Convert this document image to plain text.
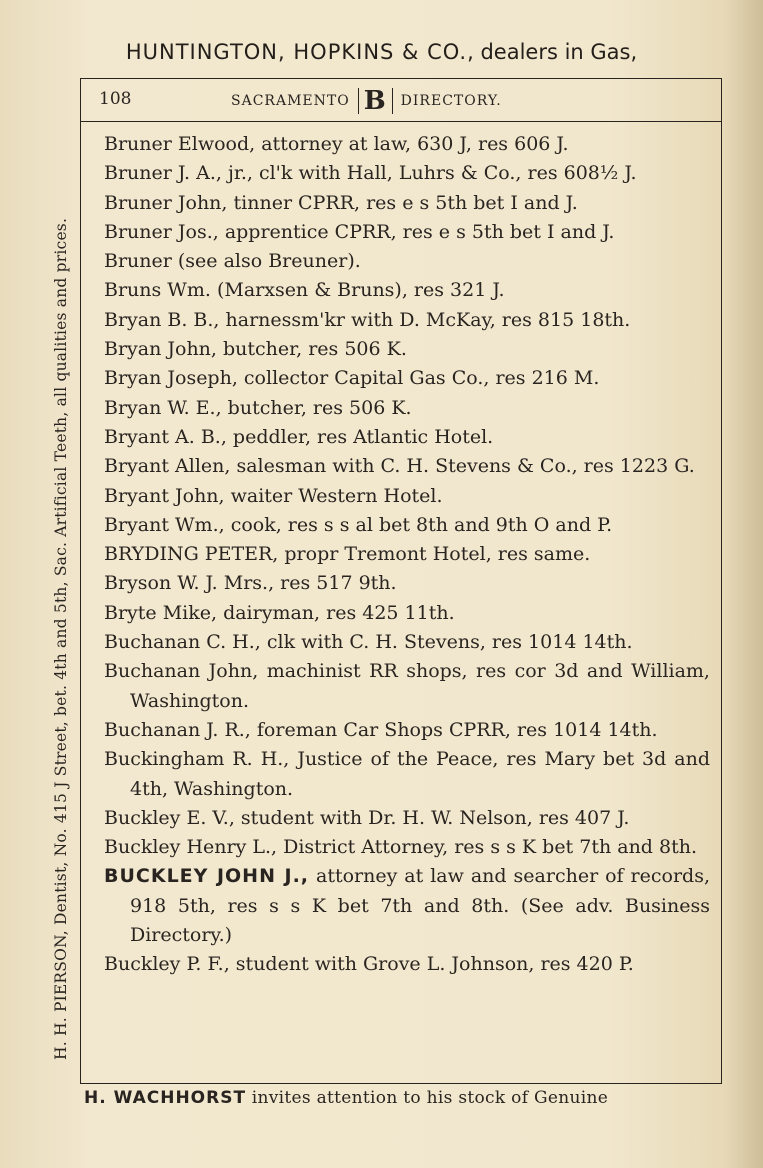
HUNTINGTON, HOPKINS & CO., dealers in Gas,
108	SACRAMENTO B	DIRECTORY.
H. H. PIERSON, Dentist, No. 415 J Street, bet. 4th and 5th, Sac. Artificial Teeth, all qualities and prices.
Bruner Elwood, attorney at law, 630 J, res 606 J.
Bruner J. A., jr., cl'k with Hall, Luhrs & Co., res 608½ J.
Bruner John, tinner CPRR, res e s 5th bet I and J.
Bruner Jos., apprentice CPRR, res e s 5th bet I and J.
Bruner (see also Breuner).
Bruns Wm. (Marxsen & Bruns), res 321 J.
Bryan B. B., harnessm'kr with D. McKay, res 815 18th.
Bryan John, butcher, res 506 K.
Bryan Joseph, collector Capital Gas Co., res 216 M.
Bryan W. E., butcher, res 506 K.
Bryant A. B., peddler, res Atlantic Hotel.
Bryant Allen, salesman with C. H. Stevens & Co., res 1223 G.
Bryant John, waiter Western Hotel.
Bryant Wm., cook, res s s al bet 8th and 9th O and P.
BRYDING PETER, propr Tremont Hotel, res same.
Bryson W. J. Mrs., res 517 9th.
Bryte Mike, dairyman, res 425 11th.
Buchanan C. H., clk with C. H. Stevens, res 1014 14th.
Buchanan John, machinist RR shops, res cor 3d and William, Washington.
Buchanan J. R., foreman Car Shops CPRR, res 1014 14th.
Buckingham R. H., Justice of the Peace, res Mary bet 3d and 4th, Washington.
Buckley E. V., student with Dr. H. W. Nelson, res 407 J.
Buckley Henry L., District Attorney, res s s K bet 7th and 8th.
BUCKLEY JOHN J., attorney at law and searcher of records, 918 5th, res s s K bet 7th and 8th. (See adv. Business Directory.)
Buckley P. F., student with Grove L. Johnson, res 420 P.
H. WACHHORST invites attention to his stock of Genuine
